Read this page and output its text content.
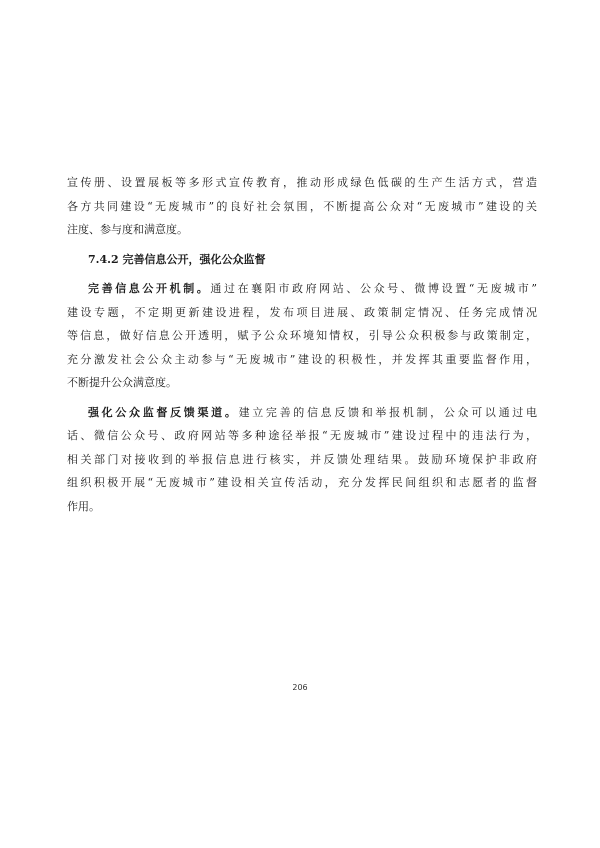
宣传册、设置展板等多形式宣传教育，推动形成绿色低碳的生产生活方式，营造
各方共同建设“无废城市”的良好社会氛围，不断提高公众对“无废城市”建设的关
注度、参与度和满意度。
7.4.2 完善信息公开，强化公众监督
完善信息公开机制。通过在襄阳市政府网站、公众号、微博设置“无废城市”
建设专题，不定期更新建设进程，发布项目进展、政策制定情况、任务完成情况
等信息，做好信息公开透明，赋予公众环境知情权，引导公众积极参与政策制定，
充分激发社会公众主动参与“无废城市”建设的积极性，并发挥其重要监督作用，
不断提升公众满意度。
强化公众监督反馈渠道。建立完善的信息反馈和举报机制，公众可以通过电
话、微信公众号、政府网站等多种途径举报“无废城市”建设过程中的违法行为，
相关部门对接收到的举报信息进行核实，并反馈处理结果。鼓励环境保护非政府
组织积极开展“无废城市”建设相关宣传活动，充分发挥民间组织和志愿者的监督
作用。
206
